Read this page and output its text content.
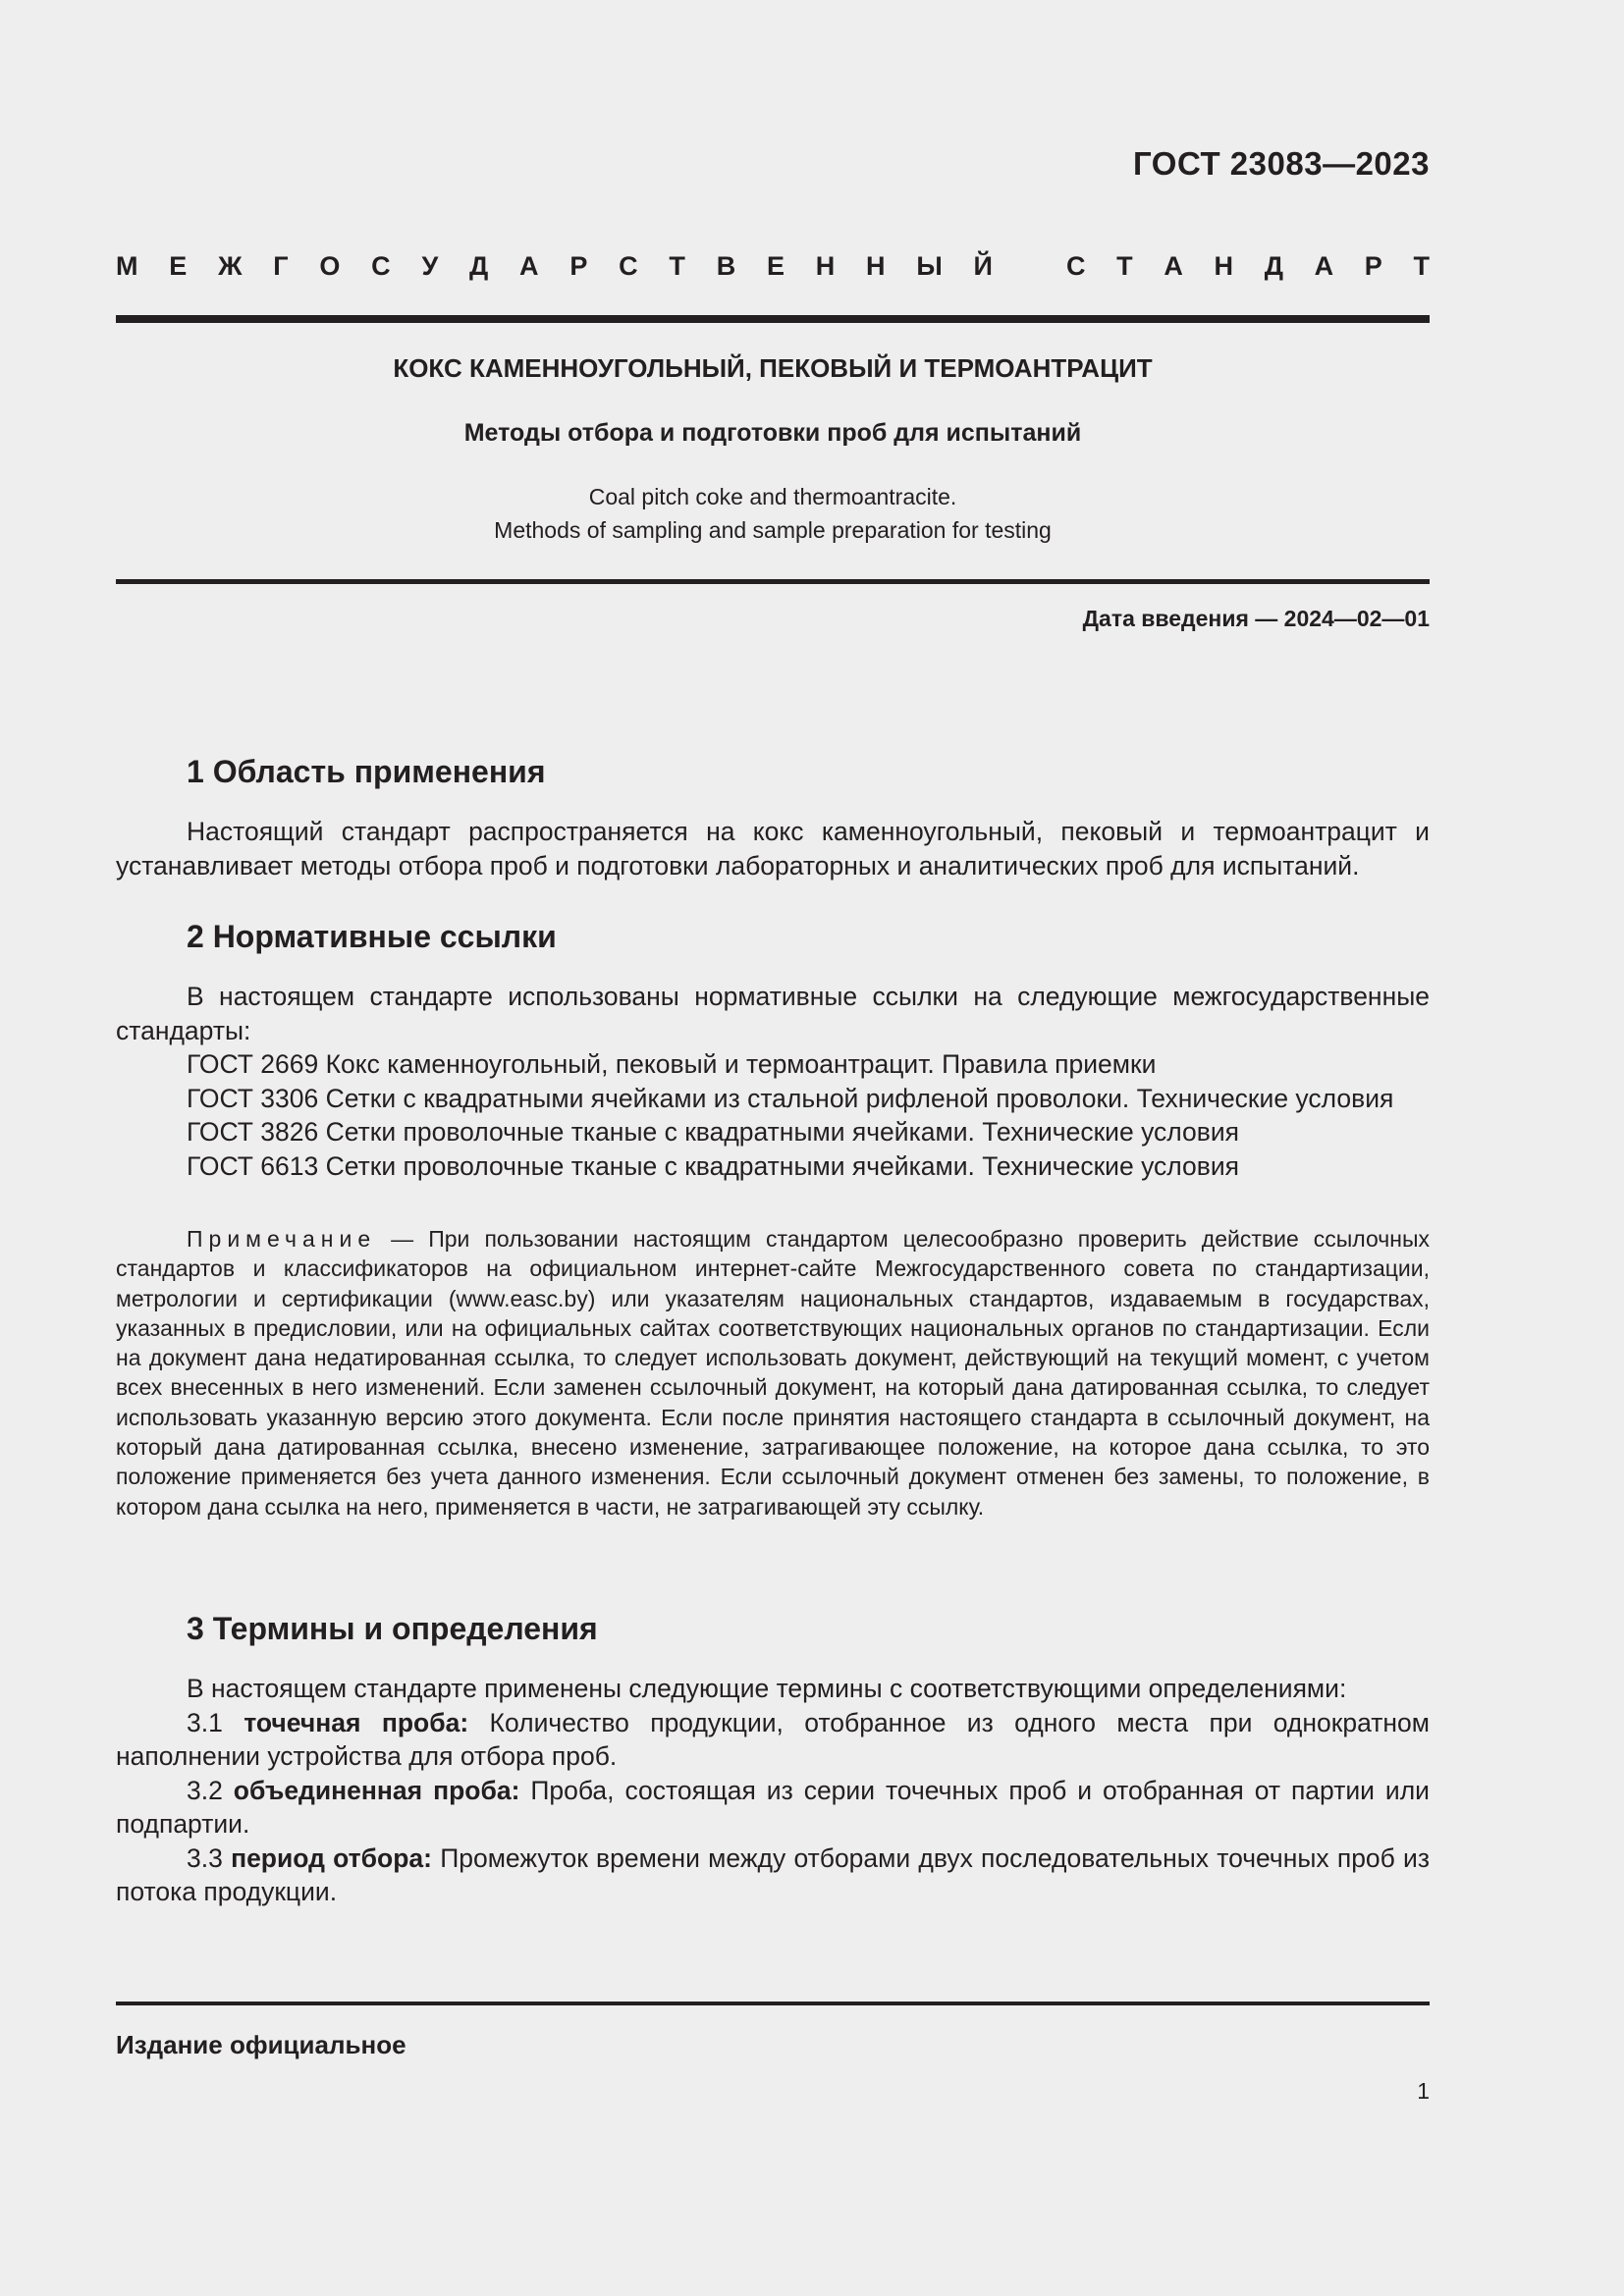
ГОСТ 23083—2023
М Е Ж Г О С У Д А Р С Т В Е Н Н Ы Й	С Т А Н Д А Р Т
КОКС КАМЕННОУГОЛЬНЫЙ, ПЕКОВЫЙ И ТЕРМОАНТРАЦИТ
Методы отбора и подготовки проб для испытаний
Coal pitch coke and thermoantracite.
Methods of sampling and sample preparation for testing
Дата введения — 2024—02—01
1 Область применения

Настоящий стандарт распространяется на кокс каменноугольный, пековый и термоантрацит и устанавливает методы отбора проб и подготовки лабораторных и аналитических проб для испытаний.

2 Нормативные ссылки

В настоящем стандарте использованы нормативные ссылки на следующие межгосударственные стандарты:

ГОСТ 2669 Кокс каменноугольный, пековый и термоантрацит. Правила приемки

ГОСТ 3306 Сетки с квадратными ячейками из стальной рифленой проволоки. Технические условия

ГОСТ 3826 Сетки проволочные тканые с квадратными ячейками. Технические условия

ГОСТ 6613 Сетки проволочные тканые с квадратными ячейками. Технические условия

Примечание — При пользовании настоящим стандартом целесообразно проверить действие ссылочных стандартов и классификаторов на официальном интернет-сайте Межгосударственного совета по стандартизации, метрологии и сертификации (www.easc.by) или указателям национальных стандартов, издаваемым в государствах, указанных в предисловии, или на официальных сайтах соответствующих национальных органов по стандартизации. Если на документ дана недатированная ссылка, то следует использовать документ, действующий на текущий момент, с учетом всех внесенных в него изменений. Если заменен ссылочный документ, на который дана датированная ссылка, то следует использовать указанную версию этого документа. Если после принятия настоящего стандарта в ссылочный документ, на который дана датированная ссылка, внесено изменение, затрагивающее положение, на которое дана ссылка, то это положение применяется без учета данного изменения. Если ссылочный документ отменен без замены, то положение, в котором дана ссылка на него, применяется в части, не затрагивающей эту ссылку.

3 Термины и определения

В настоящем стандарте применены следующие термины с соответствующими определениями:

3.1 точечная проба: Количество продукции, отобранное из одного места при однократном наполнении устройства для отбора проб.

3.2 объединенная проба: Проба, состоящая из серии точечных проб и отобранная от партии или подпартии.

3.3 период отбора: Промежуток времени между отборами двух последовательных точечных проб из потока продукции.

Издание официальное
1
